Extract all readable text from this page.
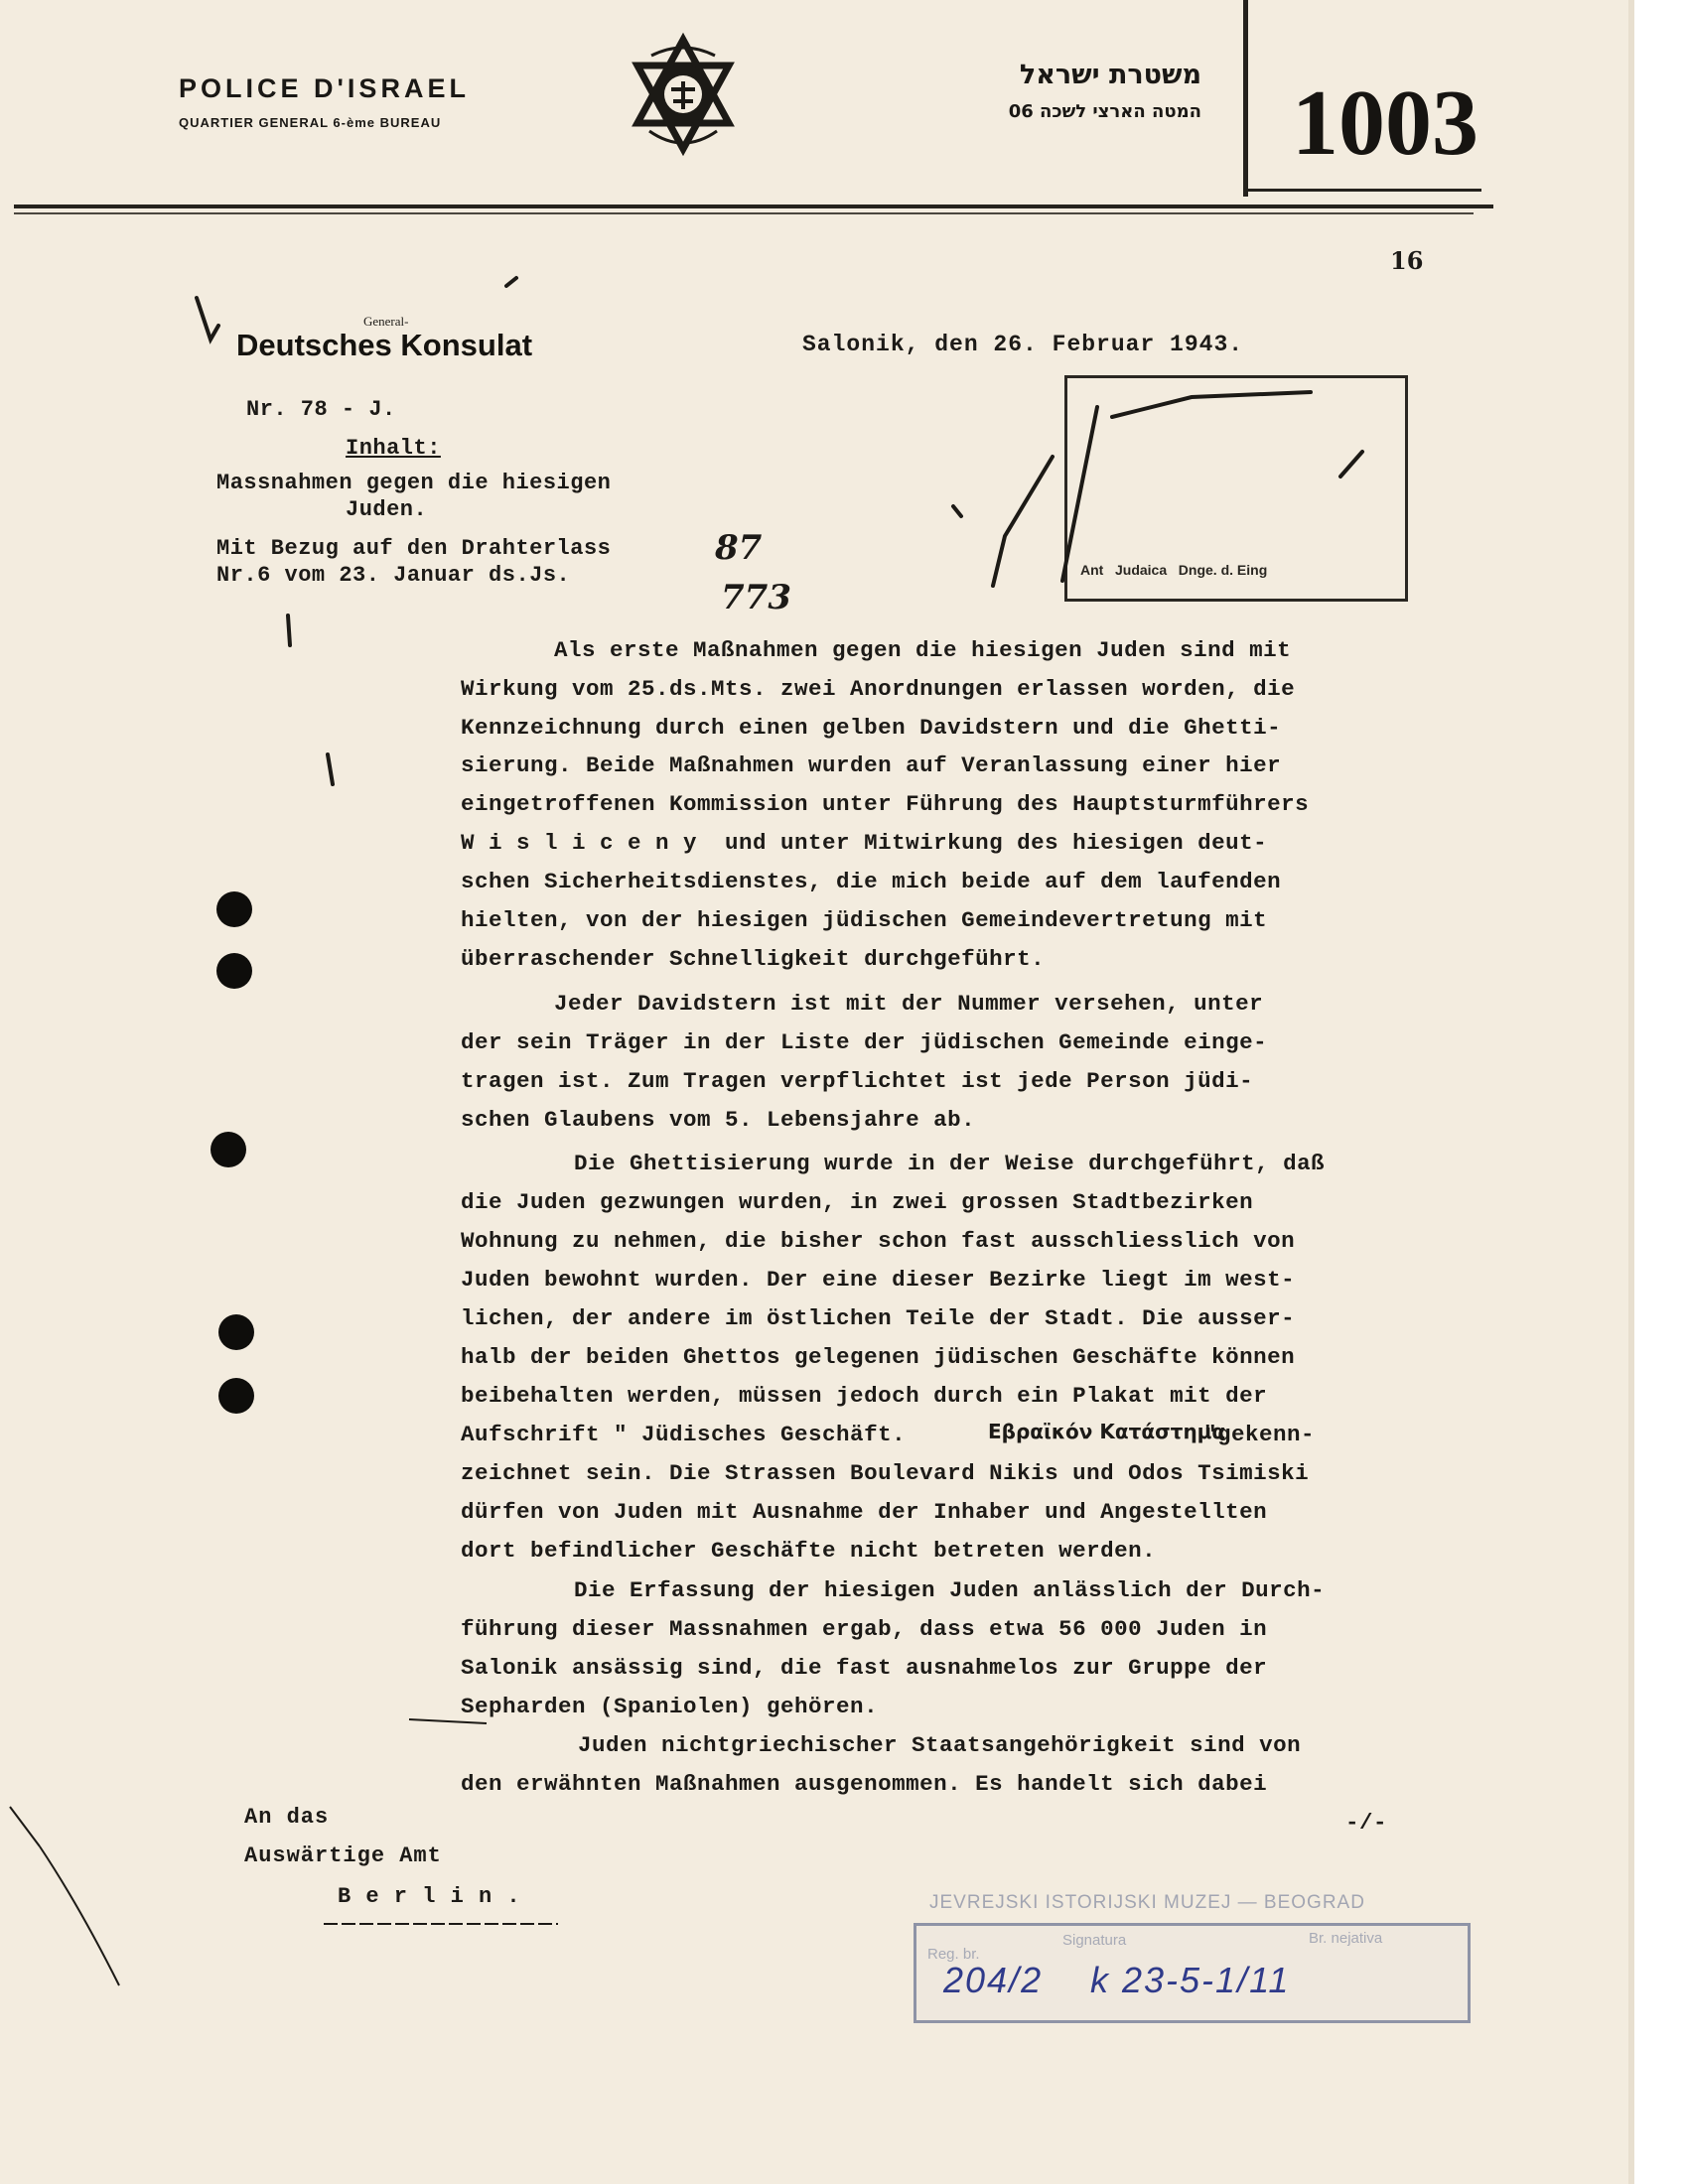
POLICE D'ISRAEL
QUARTIER GENERAL 6-ème BUREAU
משטרת ישראל
המטה הארצי לשכה 06 1003
General-
Deutsches Konsulat	Salonik, den 26. Februar 1943.
Nr. 78 - J.
Inhalt:
Massnahmen gegen die hiesigen
Juden.
Mit Bezug auf den Drahterlass
Nr.6 vom 23. Januar ds.Js.	Ant   Judaica   Dnge. d. Eing
Als erste Maßnahmen gegen die hiesigen Juden sind mit
Wirkung vom 25.ds.Mts. zwei Anordnungen erlassen worden, die
Kennzeichnung durch einen gelben Davidstern und die Ghetti-
sierung. Beide Maßnahmen wurden auf Veranlassung einer hier
eingetroffenen Kommission unter Führung des Hauptsturmführers
W i s l i c e n y  und unter Mitwirkung des hiesigen deut-
schen Sicherheitsdienstes, die mich beide auf dem laufenden
hielten, von der hiesigen jüdischen Gemeindevertretung mit
überraschender Schnelligkeit durchgeführt.
Jeder Davidstern ist mit der Nummer versehen, unter
der sein Träger in der Liste der jüdischen Gemeinde einge-
tragen ist. Zum Tragen verpflichtet ist jede Person jüdi-
schen Glaubens vom 5. Lebensjahre ab.
Die Ghettisierung wurde in der Weise durchgeführt, daß
die Juden gezwungen wurden, in zwei grossen Stadtbezirken
Wohnung zu nehmen, die bisher schon fast ausschliesslich von
Juden bewohnt wurden. Der eine dieser Bezirke liegt im west-
lichen, der andere im östlichen Teile der Stadt. Die ausser-
halb der beiden Ghettos gelegenen jüdischen Geschäfte können
beibehalten werden, müssen jedoch durch ein Plakat mit der
Aufschrift " Jüdisches Geschäft.	Εβραϊκόν Κατάστημα
"gekenn-
zeichnet sein. Die Strassen Boulevard Nikis und Odos Tsimiski
dürfen von Juden mit Ausnahme der Inhaber und Angestellten
dort befindlicher Geschäfte nicht betreten werden.
Die Erfassung der hiesigen Juden anlässlich der Durch-
führung dieser Massnahmen ergab, dass etwa 56 000 Juden in
Salonik ansässig sind, die fast ausnahmelos zur Gruppe der
Sepharden (Spaniolen) gehören.
Juden nichtgriechischer Staatsangehörigkeit sind von
den erwähnten Maßnahmen ausgenommen. Es handelt sich dabei
-/-
An das
Auswärtige Amt
B e r l i n .	JEVREJSKI ISTORIJSKI MUZEJ — BEOGRAD
Reg. br.
Signatura	Br. nejativa
204/2 k 23-5-1/11
87
773
16
